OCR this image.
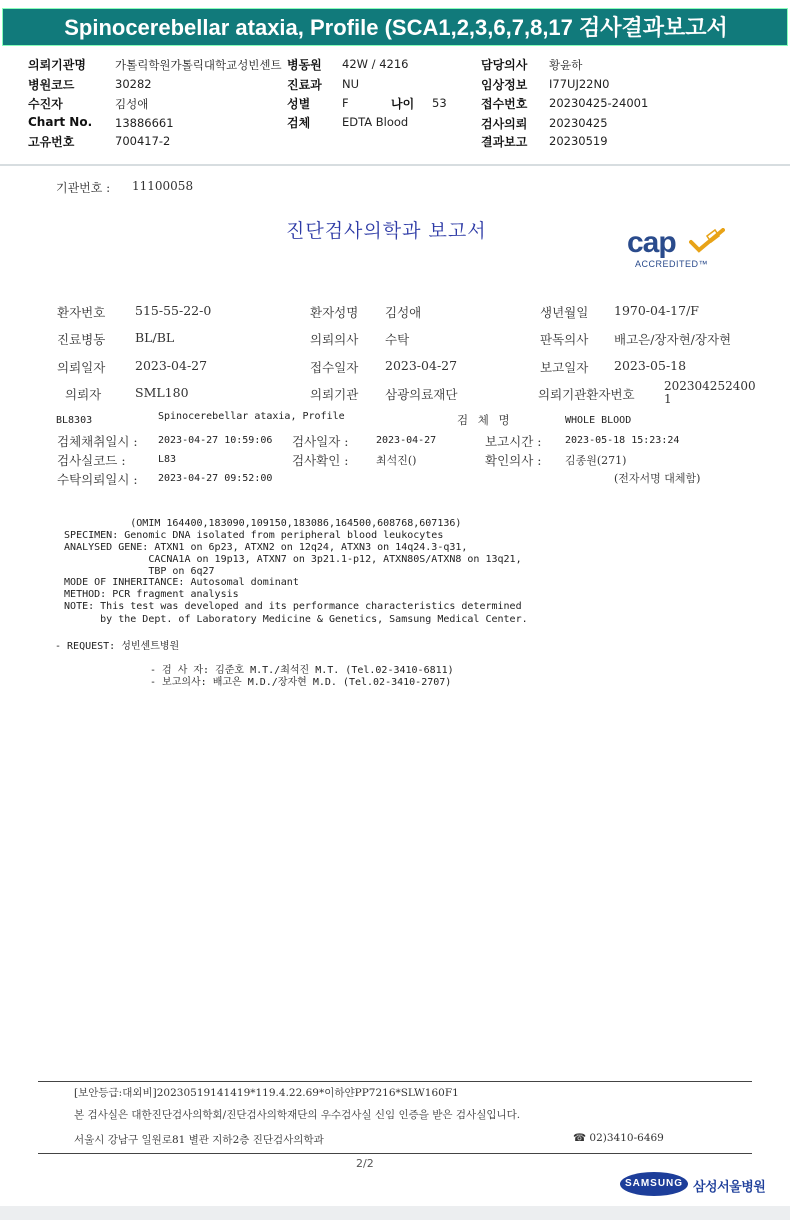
Spinocerebellar ataxia, Profile (SCA1,2,3,6,7,8,17 검사결과보고서
의뢰기관명	가톨릭학원가톨릭대학교성빈센트
병원코드	30282
수진자	김성애
Chart No. 13886661
고유번호	700417-2
병동원 42W / 4216
진료과 NU
성별	F	나이 53
검체	EDTA Blood
담당의사 황윤하
임상정보 I77UJ22N0
접수번호 20230425-24001
검사의뢰 20230425
결과보고 20230519
기관번호 : 11100058
진단검사의학과 보고서	cap
ACCREDITED™
환자번호 515-55-22-0	환자성명 김성애	생년월일 1970-04-17/F
진료병동 BL/BL	의뢰의사 수탁	판독의사 배고은/장자현/장자현
의뢰일자 2023-04-27	접수일자 2023-04-27	보고일자 2023-05-18
의뢰자	SML180	의뢰기관 삼광의료재단	의뢰기관환자번호
202304252400
1
BL8303	Spinocerebellar ataxia, Profile	검 체 명	WHOLE BLOOD
검체채취일시 : 2023-04-27 10:59:06 검사일자 :	2023-04-27	보고시간 : 2023-05-18 15:23:24
검사실코드 :	L83	검사확인 :	최석진()	확인의사 : 김종원(271)
수탁의뢰일시 : 2023-04-27 09:52:00	(전자서명 대체함)
(OMIM 164400,183090,109150,183086,164500,608768,607136)
SPECIMEN: Genomic DNA isolated from peripheral blood leukocytes
ANALYSED GENE: ATXN1 on 6p23, ATXN2 on 12q24, ATXN3 on 14q24.3-q31,
CACNA1A on 19p13, ATXN7 on 3p21.1-p12, ATXN80S/ATXN8 on 13q21,
TBP on 6q27
MODE OF INHERITANCE: Autosomal dominant
METHOD: PCR fragment analysis
NOTE: This test was developed and its performance characteristics determined
by the Dept. of Laboratory Medicine & Genetics, Samsung Medical Center.
- REQUEST: 성빈센트병원
- 검 사 자: 김준호 M.T./최석진 M.T. (Tel.02-3410-6811)
- 보고의사: 배고은 M.D./장자현 M.D. (Tel.02-3410-2707)
[보안등급:대외비]20230519141419*119.4.22.69*이하얀PP7216*SLW160F1
본 검사실은 대한진단검사의학회/진단검사의학재단의 우수검사실 신임 인증을 받은 검사실입니다.
서울시 강남구 일원로81 별관 지하2층 진단검사의학과	☎ 02)3410-6469
2/2
SAMSUNG 삼성서울병원
